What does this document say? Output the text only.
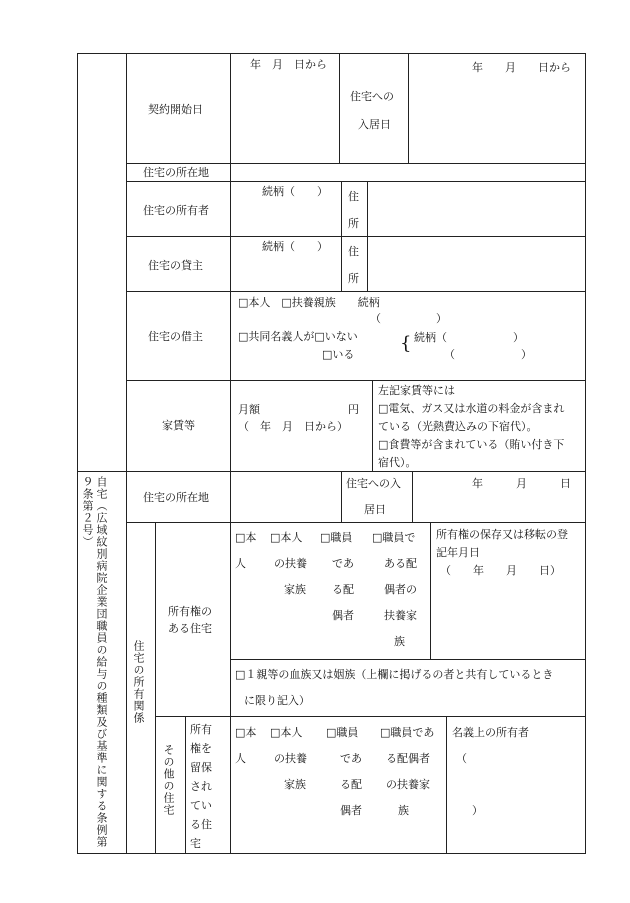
契約開始日
年　月　日から
住宅への
入居日
年　　月　　日から
住宅の所在地
住宅の所有者
続柄（　　） 住
所
住宅の貸主
続柄（　　） 住
所
住宅の借主
□本人　□扶養親族　　続柄
（　　　　　）
□共同名義人が□いない
□いる
{ 続柄（　　　　　　）
（　　　　　　）
家賃等
月額　　　　　　　　円
（　年　月　日から）
左記家賃等には
□電気、ガス又は水道の料金が含まれ
ている（光熱費込みの下宿代）。
□食費等が含まれている（賄い付き下
宿代）。
自宅（広域紋別病院企業団職員の給与の種類及び基準に関する条例第９条第２号）	住宅の所在地
住宅への入
居日
年　　　月　　　日
住宅の所有関係
所有権の
ある住宅
□本
人
□本人
の扶養
家族
□職員
であ
る配
偶者
□職員で
ある配
偶者の
扶養家
族
所有権の保存又は移転の登
記年月日
（　　年　　月　　日）
□１親等の血族又は姻族（上欄に掲げるの者と共有しているとき
に限り記入）
その他の住宅
所有権を留保されている住宅
□本
人
□本人
の扶養
家族
□職員
であ
る配
偶者
□職員であ
る配偶者
の扶養家
族
名義上の所有者
（
）
